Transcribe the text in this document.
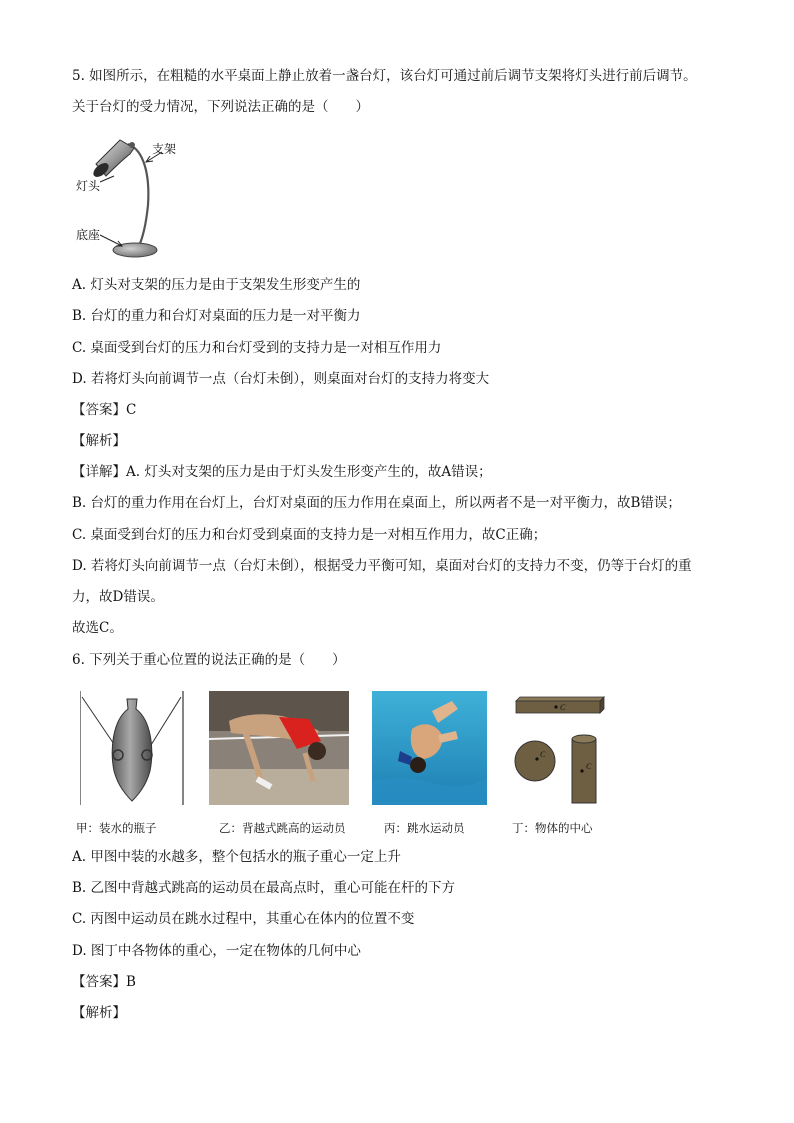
5. 如图所示，在粗糙的水平桌面上静止放着一盏台灯，该台灯可通过前后调节支架将灯头进行前后调节。
关于台灯的受力情况，下列说法正确的是（　　）
支架
灯头
底座
A. 灯头对支架的压力是由于支架发生形变产生的
B. 台灯的重力和台灯对桌面的压力是一对平衡力
C. 桌面受到台灯的压力和台灯受到的支持力是一对相互作用力
D. 若将灯头向前调节一点（台灯未倒），则桌面对台灯的支持力将变大
【答案】C
【解析】
【详解】A. 灯头对支架的压力是由于灯头发生形变产生的，故A错误；
B. 台灯的重力作用在台灯上，台灯对桌面的压力作用在桌面上，所以两者不是一对平衡力，故B错误；
C. 桌面受到台灯的压力和台灯受到桌面的支持力是一对相互作用力，故C正确；
D. 若将灯头向前调节一点（台灯未倒），根据受力平衡可知，桌面对台灯的支持力不变，仍等于台灯的重
力，故D错误。
故选C。
6. 下列关于重心位置的说法正确的是（　　）
C
C
C
甲：装水的瓶子	乙：背越式跳高的运动员	丙：跳水运动员	丁：物体的中心
A. 甲图中装的水越多，整个包括水的瓶子重心一定上升
B. 乙图中背越式跳高的运动员在最高点时，重心可能在杆的下方
C. 丙图中运动员在跳水过程中，其重心在体内的位置不变
D. 图丁中各物体的重心，一定在物体的几何中心
【答案】B
【解析】
